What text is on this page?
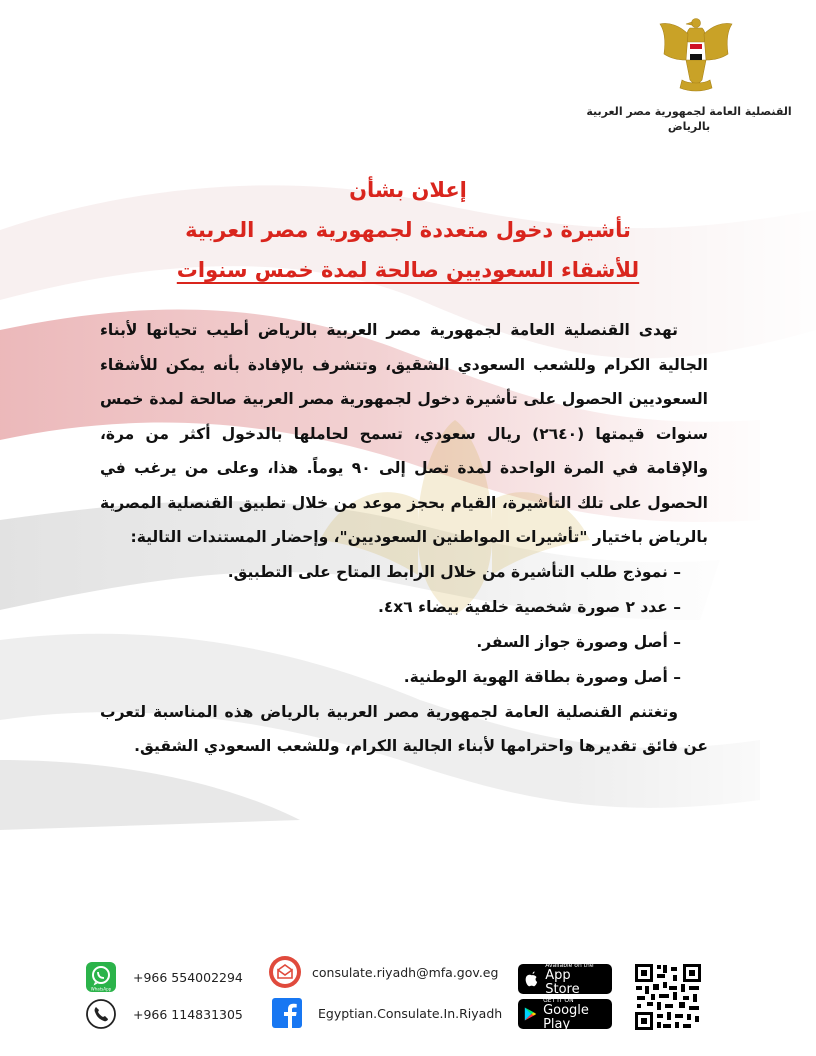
القنصلية العامة لجمهورية مصر العربية
بالرياض

إعلان بشأن

تأشيرة دخول متعددة لجمهورية مصر العربية

للأشقاء السعوديين صالحة لمدة خمس سنوات

تهدى القنصلية العامة لجمهورية مصر العربية بالرياض أطيب تحياتها لأبناء الجالية الكرام وللشعب السعودي الشقيق، وتتشرف بالإفادة بأنه يمكن للأشقاء السعوديين الحصول على تأشيرة دخول لجمهورية مصر العربية صالحة لمدة خمس سنوات قيمتها (٢٦٤٠) ريال سعودي، تسمح لحاملها بالدخول أكثر من مرة، والإقامة في المرة الواحدة لمدة تصل إلى ٩٠ يوماً. هذا، وعلى من يرغب في الحصول على تلك التأشيرة، القيام بحجز موعد من خلال تطبيق القنصلية المصرية بالرياض باختيار "تأشيرات المواطنين السعوديين"، وإحضار المستندات التالية:

– نموذج طلب التأشيرة من خلال الرابط المتاح على التطبيق.
– عدد ٢ صورة شخصية خلفية بيضاء ٤x٦.
– أصل وصورة جواز السفر.
– أصل وصورة بطاقة الهوية الوطنية.

وتغتنم القنصلية العامة لجمهورية مصر العربية بالرياض هذه المناسبة لتعرب عن فائق تقديرها واحترامها لأبناء الجالية الكرام، وللشعب السعودي الشقيق.

WhatsApp
+966 554002294
+966 114831305
consulate.riyadh@mfa.gov.eg
Egyptian.Consulate.In.Riyadh
Available on the
App Store
GET IT ON
Google Play
